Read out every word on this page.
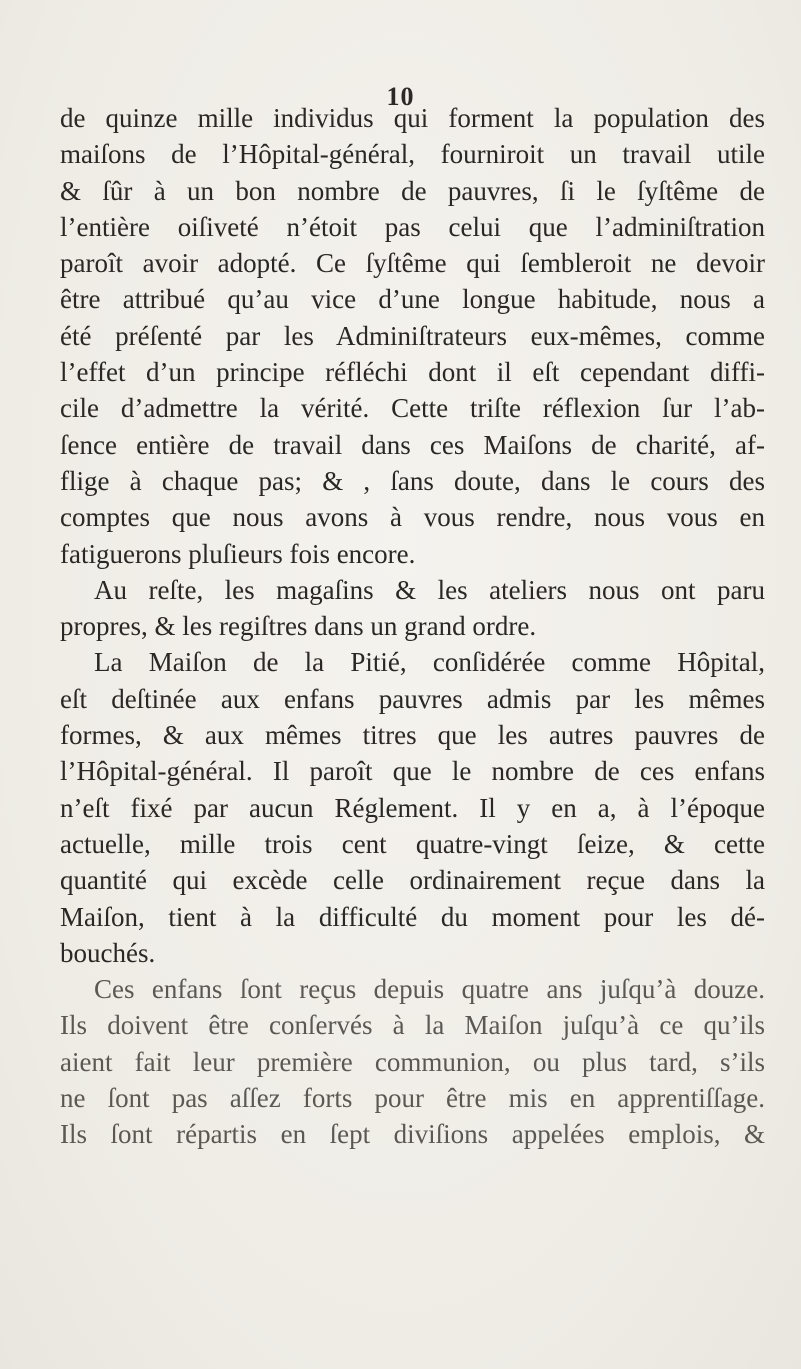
10
de quinze mille individus qui forment la population des
maiſons de l’Hôpital-général, fourniroit un travail utile
& ſûr à un bon nombre de pauvres, ſi le ſyſtême de
l’entière oiſiveté n’étoit pas celui que l’adminiſtration
paroît avoir adopté. Ce ſyſtême qui ſembleroit ne devoir
être attribué qu’au vice d’une longue habitude, nous a
été préſenté par les Adminiſtrateurs eux-mêmes, comme
l’effet d’un principe réfléchi dont il eſt cependant diffi-
cile d’admettre la vérité. Cette triſte réflexion ſur l’ab-
ſence entière de travail dans ces Maiſons de charité, af-
flige à chaque pas; & , ſans doute, dans le cours des
comptes que nous avons à vous rendre, nous vous en
fatiguerons pluſieurs fois encore.
Au reſte, les magaſins & les ateliers nous ont paru
propres, & les regiſtres dans un grand ordre.
La Maiſon de la Pitié, conſidérée comme Hôpital,
eſt deſtinée aux enfans pauvres admis par les mêmes
formes, & aux mêmes titres que les autres pauvres de
l’Hôpital-général. Il paroît que le nombre de ces enfans
n’eſt fixé par aucun Réglement. Il y en a, à l’époque
actuelle, mille trois cent quatre-vingt ſeize, & cette
quantité qui excède celle ordinairement reçue dans la
Maiſon, tient à la difficulté du moment pour les dé-
bouchés.
Ces enfans ſont reçus depuis quatre ans juſqu’à douze.
Ils doivent être conſervés à la Maiſon juſqu’à ce qu’ils
aient fait leur première communion, ou plus tard, s’ils
ne ſont pas aſſez forts pour être mis en apprentiſſage.
Ils ſont répartis en ſept diviſions appelées emplois, &
